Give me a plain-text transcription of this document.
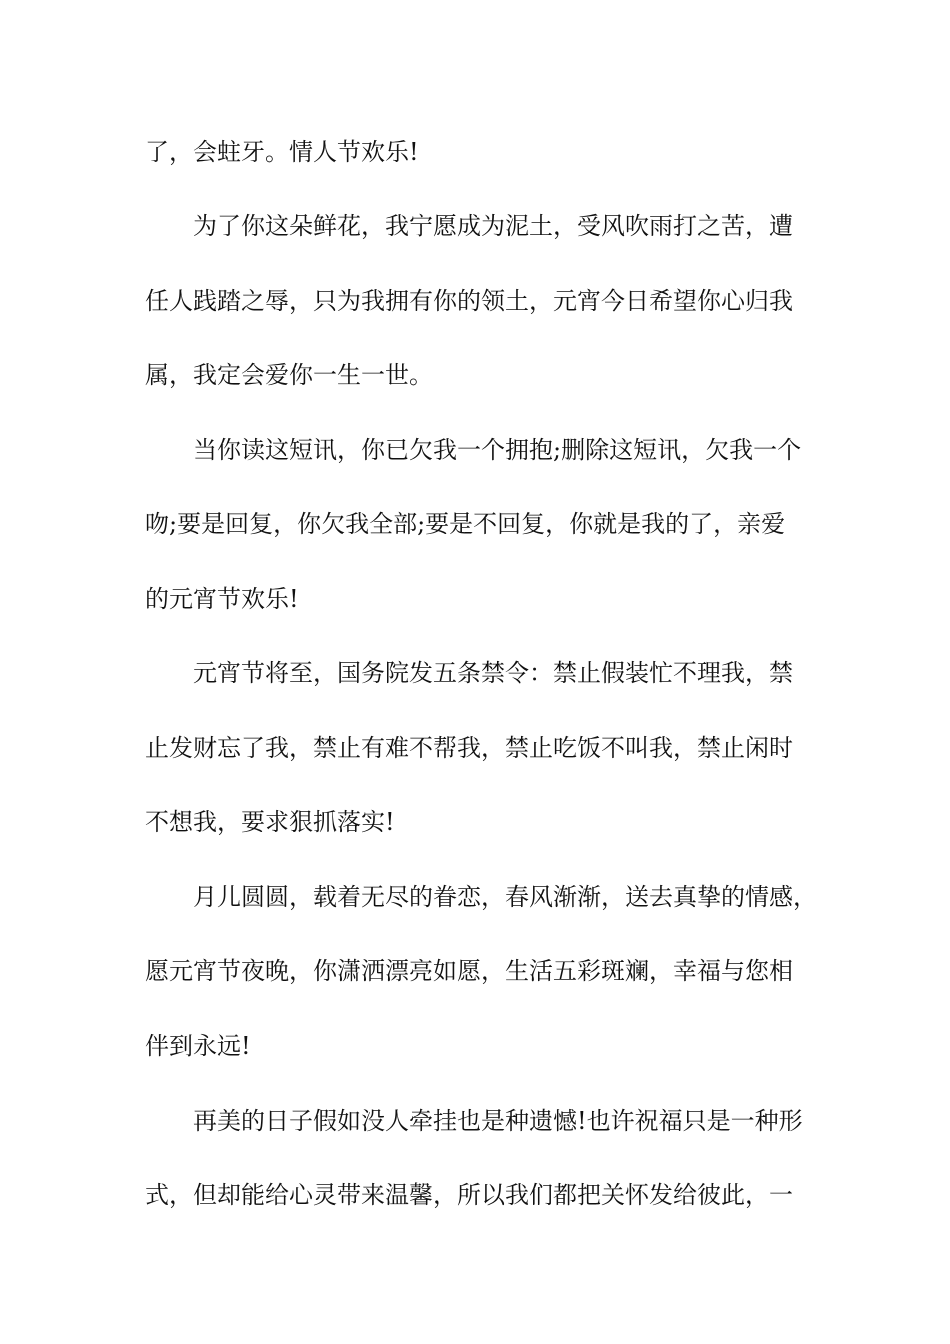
了，会蛀牙。情人节欢乐!
为了你这朵鲜花，我宁愿成为泥土，受风吹雨打之苦，遭
任人践踏之辱，只为我拥有你的领土，元宵今日希望你心归我
属，我定会爱你一生一世。
当你读这短讯，你已欠我一个拥抱;删除这短讯，欠我一个
吻;要是回复，你欠我全部;要是不回复，你就是我的了，亲爱
的元宵节欢乐!
元宵节将至，国务院发五条禁令：禁止假装忙不理我，禁
止发财忘了我，禁止有难不帮我，禁止吃饭不叫我，禁止闲时
不想我，要求狠抓落实!
月儿圆圆，载着无尽的眷恋，春风渐渐，送去真挚的情感，
愿元宵节夜晚，你潇洒漂亮如愿，生活五彩斑斓，幸福与您相
伴到永远!
再美的日子假如没人牵挂也是种遗憾!也许祝福只是一种形
式，但却能给心灵带来温馨，所以我们都把关怀发给彼此，一
